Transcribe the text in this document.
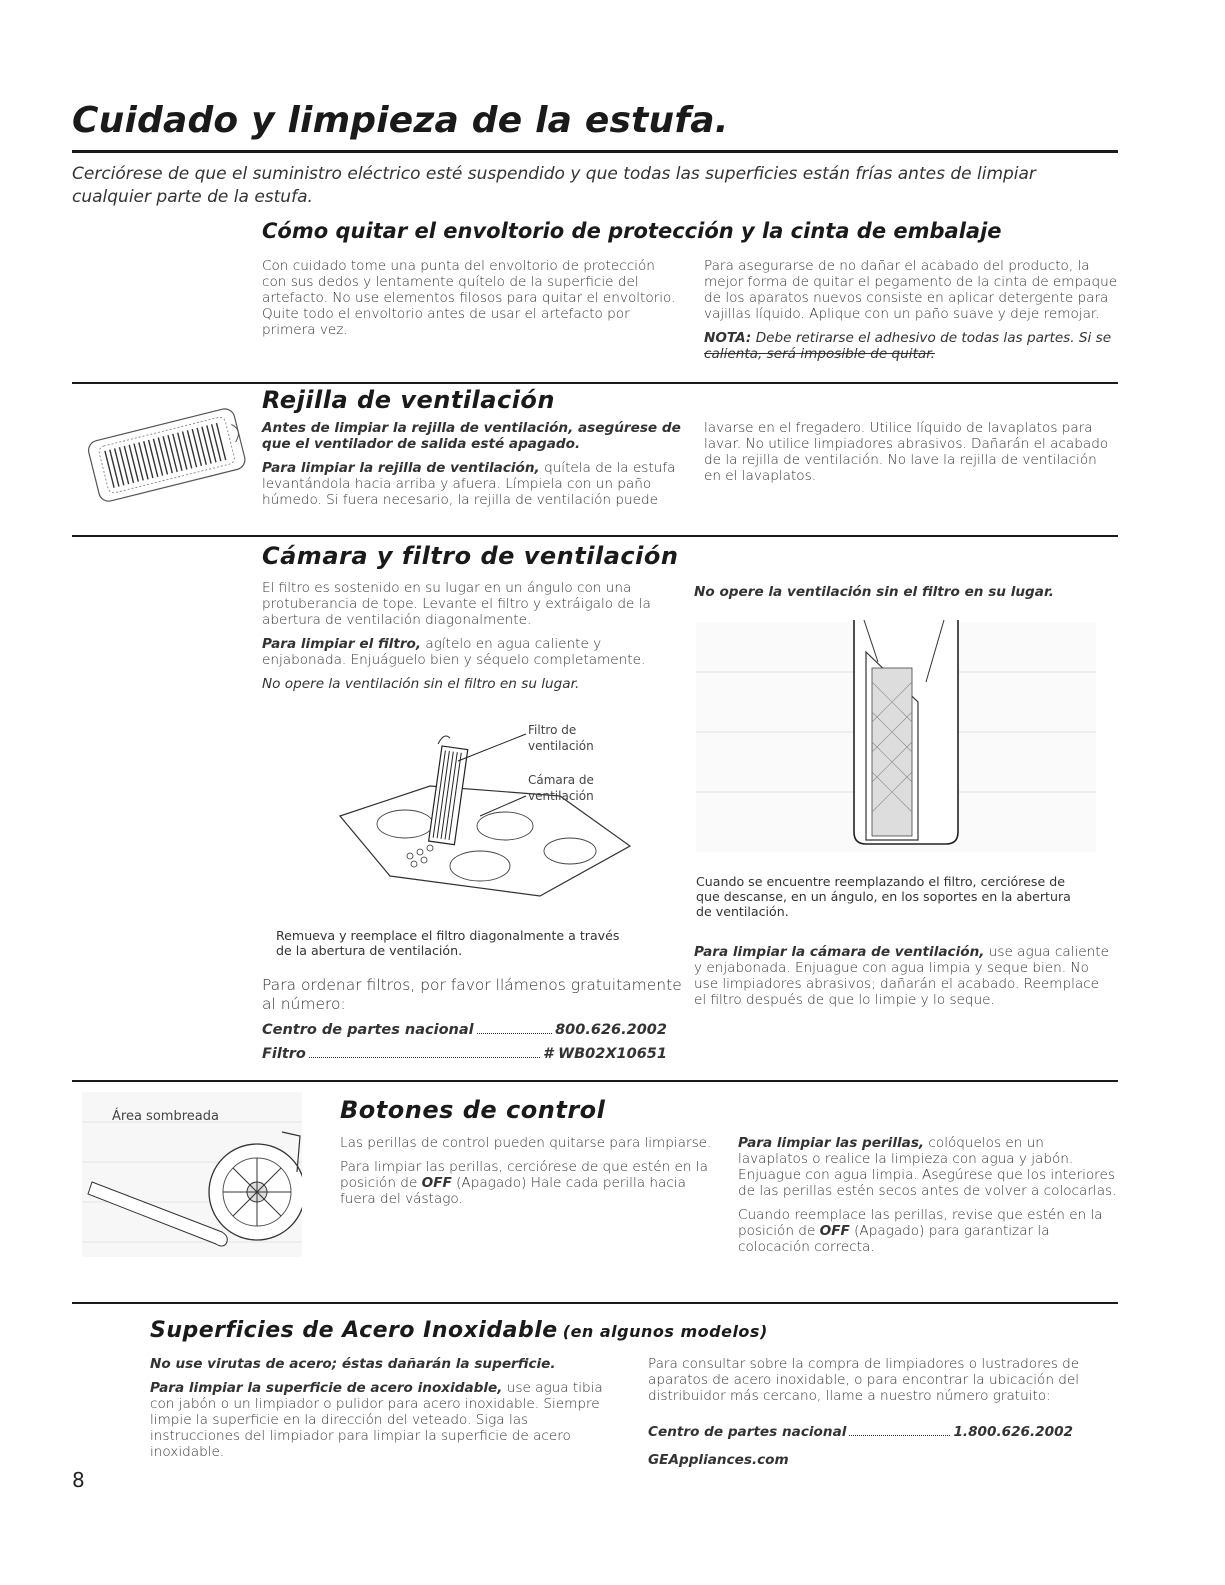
Cuidado y limpieza de la estufa.

Cerciórese de que el suministro eléctrico esté suspendido y que todas las superficies están frías antes de limpiar cualquier parte de la estufa.

Cómo quitar el envoltorio de protección y la cinta de embalaje

Con cuidado tome una punta del envoltorio de protección con sus dedos y lentamente quítelo de la superficie del artefacto. No use elementos filosos para quitar el envoltorio. Quite todo el envoltorio antes de usar el artefacto por primera vez.

Para asegurarse de no dañar el acabado del producto, la mejor forma de quitar el pegamento de la cinta de empaque de los aparatos nuevos consiste en aplicar detergente para vajillas líquido. Aplique con un paño suave y deje remojar.

NOTA: Debe retirarse el adhesivo de todas las partes. Si se

calienta, será imposible de quitar.

Rejilla de ventilación

Antes de limpiar la rejilla de ventilación, asegúrese de que el ventilador de salida esté apagado.

Para limpiar la rejilla de ventilación, quítela de la estufa levantándola hacia arriba y afuera. Límpiela con un paño húmedo. Si fuera necesario, la rejilla de ventilación puede

lavarse en el fregadero. Utilice líquido de lavaplatos para lavar. No utilice limpiadores abrasivos. Dañarán el acabado de la rejilla de ventilación. No lave la rejilla de ventilación en el lavaplatos.

Cámara y filtro de ventilación

El filtro es sostenido en su lugar en un ángulo con una protuberancia de tope. Levante el filtro y extráigalo de la abertura de ventilación diagonalmente.

Para limpiar el filtro, agítelo en agua caliente y enjabonada. Enjuáguelo bien y séquelo completamente.

No opere la ventilación sin el filtro en su lugar.

Filtro de
ventilación
Cámara de
ventilación
Remueva y reemplace el filtro diagonalmente a través de la abertura de ventilación.
Para ordenar filtros, por favor llámenos gratuitamente al número:
Centro de partes nacional	800.626.2002
Filtro	# WB02X10651
No opere la ventilación sin el filtro en su lugar.
Cuando se encuentre reemplazando el filtro, cerciórese de que descanse, en un ángulo, en los soportes en la abertura de ventilación.

Para limpiar la cámara de ventilación, use agua caliente y enjabonada. Enjuague con agua limpia y seque bien. No use limpiadores abrasivos; dañarán el acabado. Reemplace el filtro después de que lo limpie y lo seque.

Área sombreada	Botones de control

Las perillas de control pueden quitarse para limpiarse.

Para limpiar las perillas, cerciórese de que estén en la posición de OFF (Apagado) Hale cada perilla hacia fuera del vástago.

Para limpiar las perillas, colóquelos en un lavaplatos o realice la limpieza con agua y jabón. Enjuague con agua limpia. Asegúrese que los interiores de las perillas estén secos antes de volver a colocarlas.

Cuando reemplace las perillas, revise que estén en la posición de OFF (Apagado) para garantizar la colocación correcta.

Superficies de Acero Inoxidable (en algunos modelos)

No use virutas de acero; éstas dañarán la superficie.

Para limpiar la superficie de acero inoxidable, use agua tibia con jabón o un limpiador o pulidor para acero inoxidable. Siempre limpie la superficie en la dirección del veteado. Siga las instrucciones del limpiador para limpiar la superficie de acero inoxidable.

Para consultar sobre la compra de limpiadores o lustradores de aparatos de acero inoxidable, o para encontrar la ubicación del distribuidor más cercano, llame a nuestro número gratuito:

Centro de partes nacional	1.800.626.2002
GEAppliances.com
8
